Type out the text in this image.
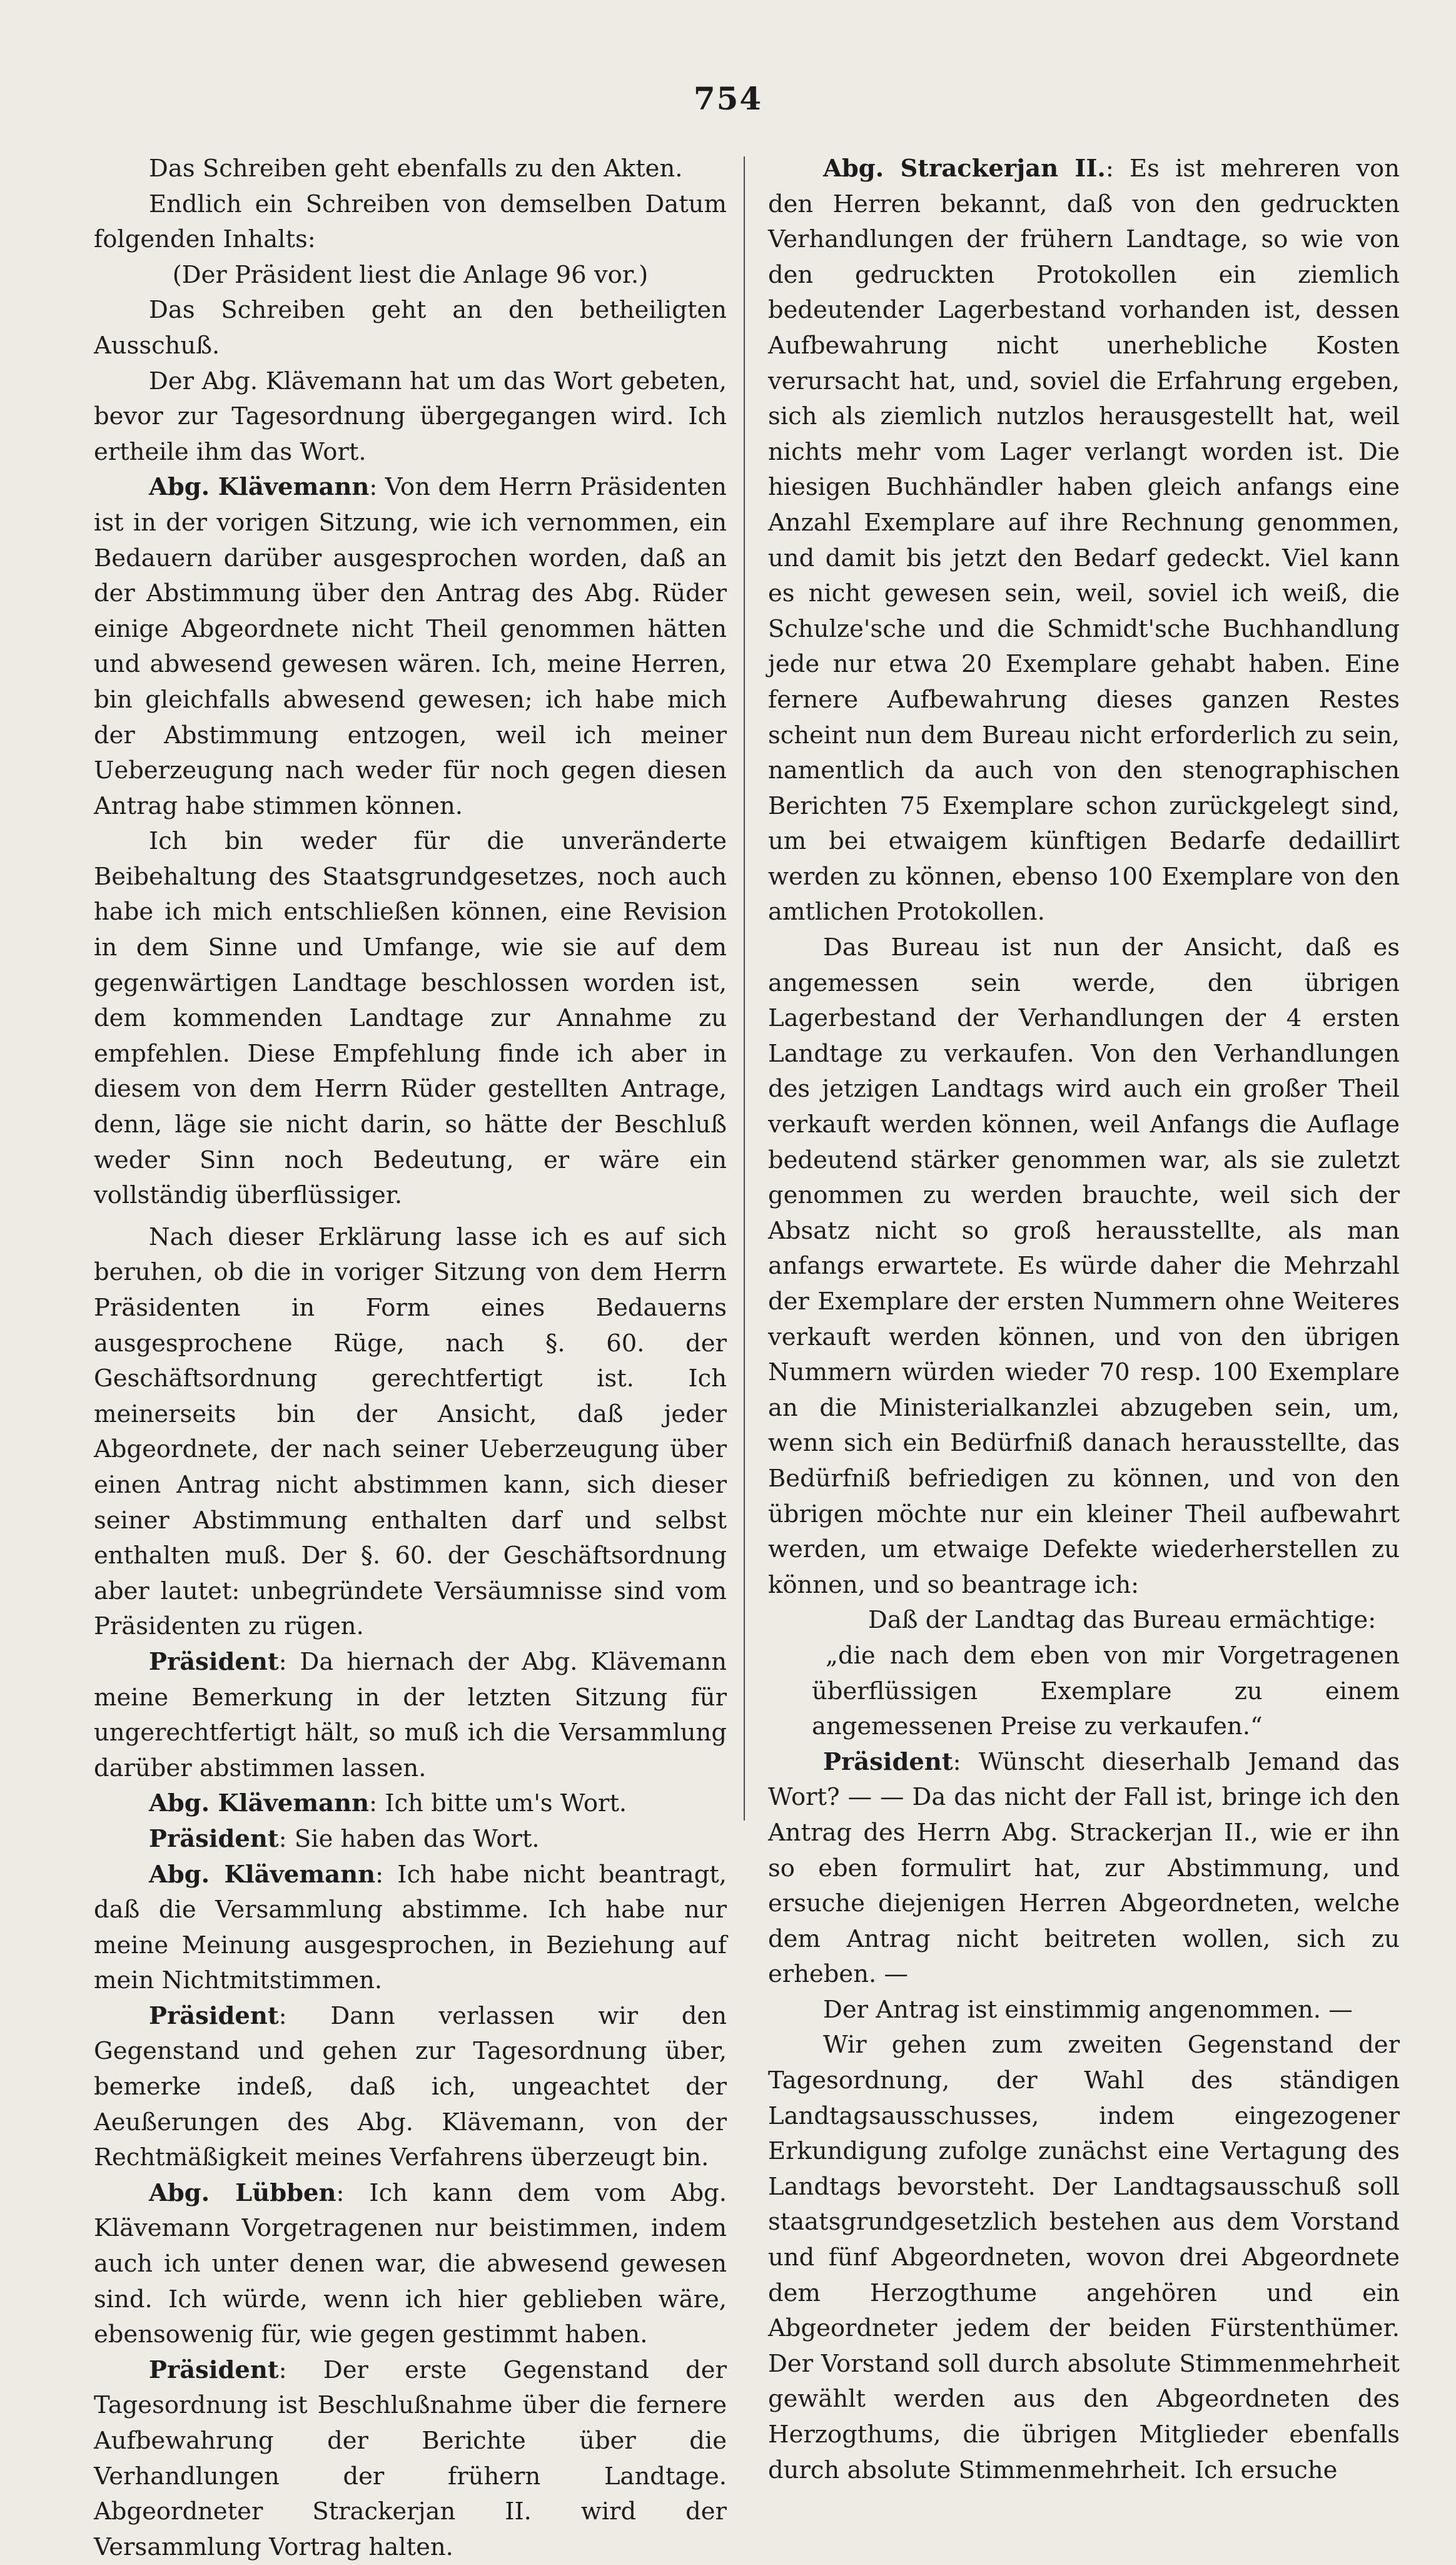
754

Das Schreiben geht ebenfalls zu den Akten.

Endlich ein Schreiben von demselben Datum folgenden Inhalts:

(Der Präsident liest die Anlage 96 vor.)

Das Schreiben geht an den betheiligten Ausschuß.

Der Abg. Klävemann hat um das Wort gebeten, bevor zur Tagesordnung übergegangen wird. Ich ertheile ihm das Wort.

Abg. Klävemann: Von dem Herrn Präsidenten ist in der vorigen Sitzung, wie ich vernommen, ein Bedauern darüber ausgesprochen worden, daß an der Abstimmung über den Antrag des Abg. Rüder einige Abgeordnete nicht Theil genommen hätten und abwesend gewesen wären. Ich, meine Herren, bin gleichfalls abwesend gewesen; ich habe mich der Abstimmung entzogen, weil ich meiner Ueberzeugung nach weder für noch gegen diesen Antrag habe stimmen können.

Ich bin weder für die unveränderte Beibehaltung des Staatsgrundgesetzes, noch auch habe ich mich entschließen können, eine Revision in dem Sinne und Umfange, wie sie auf dem gegenwärtigen Landtage beschlossen worden ist, dem kommenden Landtage zur Annahme zu empfehlen. Diese Empfehlung finde ich aber in diesem von dem Herrn Rüder gestellten Antrage, denn, läge sie nicht darin, so hätte der Beschluß weder Sinn noch Bedeutung, er wäre ein vollständig überflüssiger.

Nach dieser Erklärung lasse ich es auf sich beruhen, ob die in voriger Sitzung von dem Herrn Präsidenten in Form eines Bedauerns ausgesprochene Rüge, nach §. 60. der Geschäftsordnung gerechtfertigt ist. Ich meinerseits bin der Ansicht, daß jeder Abgeordnete, der nach seiner Ueberzeugung über einen Antrag nicht abstimmen kann, sich dieser seiner Abstimmung enthalten darf und selbst enthalten muß. Der §. 60. der Geschäftsordnung aber lautet: unbegründete Versäumnisse sind vom Präsidenten zu rügen.

Präsident: Da hiernach der Abg. Klävemann meine Bemerkung in der letzten Sitzung für ungerechtfertigt hält, so muß ich die Versammlung darüber abstimmen lassen.

Abg. Klävemann: Ich bitte um's Wort.

Präsident: Sie haben das Wort.

Abg. Klävemann: Ich habe nicht beantragt, daß die Versammlung abstimme. Ich habe nur meine Meinung ausgesprochen, in Beziehung auf mein Nichtmitstimmen.

Präsident: Dann verlassen wir den Gegenstand und gehen zur Tagesordnung über, bemerke indeß, daß ich, ungeachtet der Aeußerungen des Abg. Klävemann, von der Rechtmäßigkeit meines Verfahrens überzeugt bin.

Abg. Lübben: Ich kann dem vom Abg. Klävemann Vorgetragenen nur beistimmen, indem auch ich unter denen war, die abwesend gewesen sind. Ich würde, wenn ich hier geblieben wäre, ebensowenig für, wie gegen gestimmt haben.

Präsident: Der erste Gegenstand der Tagesordnung ist Beschlußnahme über die fernere Aufbewahrung der Berichte über die Verhandlungen der frühern Landtage. Abgeordneter Strackerjan II. wird der Versammlung Vortrag halten.

Abg. Strackerjan II.: Es ist mehreren von den Herren bekannt, daß von den gedruckten Verhandlungen der frühern Landtage, so wie von den gedruckten Protokollen ein ziemlich bedeutender Lagerbestand vorhanden ist, dessen Aufbewahrung nicht unerhebliche Kosten verursacht hat, und, soviel die Erfahrung ergeben, sich als ziemlich nutzlos herausgestellt hat, weil nichts mehr vom Lager verlangt worden ist. Die hiesigen Buchhändler haben gleich anfangs eine Anzahl Exemplare auf ihre Rechnung genommen, und damit bis jetzt den Bedarf gedeckt. Viel kann es nicht gewesen sein, weil, soviel ich weiß, die Schulze'sche und die Schmidt'sche Buchhandlung jede nur etwa 20 Exemplare gehabt haben. Eine fernere Aufbewahrung dieses ganzen Restes scheint nun dem Bureau nicht erforderlich zu sein, namentlich da auch von den stenographischen Berichten 75 Exemplare schon zurückgelegt sind, um bei etwaigem künftigen Bedarfe dedaillirt werden zu können, ebenso 100 Exemplare von den amtlichen Protokollen.

Das Bureau ist nun der Ansicht, daß es angemessen sein werde, den übrigen Lagerbestand der Verhandlungen der 4 ersten Landtage zu verkaufen. Von den Verhandlungen des jetzigen Landtags wird auch ein großer Theil verkauft werden können, weil Anfangs die Auflage bedeutend stärker genommen war, als sie zuletzt genommen zu werden brauchte, weil sich der Absatz nicht so groß herausstellte, als man anfangs erwartete. Es würde daher die Mehrzahl der Exemplare der ersten Nummern ohne Weiteres verkauft werden können, und von den übrigen Nummern würden wieder 70 resp. 100 Exemplare an die Ministerialkanzlei abzugeben sein, um, wenn sich ein Bedürfniß danach herausstellte, das Bedürfniß befriedigen zu können, und von den übrigen möchte nur ein kleiner Theil aufbewahrt werden, um etwaige Defekte wiederherstellen zu können, und so beantrage ich:

Daß der Landtag das Bureau ermächtige:

„die nach dem eben von mir Vorgetragenen überflüssigen Exemplare zu einem angemessenen Preise zu verkaufen.“

Präsident: Wünscht dieserhalb Jemand das Wort? — — Da das nicht der Fall ist, bringe ich den Antrag des Herrn Abg. Strackerjan II., wie er ihn so eben formulirt hat, zur Abstimmung, und ersuche diejenigen Herren Abgeordneten, welche dem Antrag nicht beitreten wollen, sich zu erheben. —

Der Antrag ist einstimmig angenommen. —

Wir gehen zum zweiten Gegenstand der Tagesordnung, der Wahl des ständigen Landtagsausschusses, indem eingezogener Erkundigung zufolge zunächst eine Vertagung des Landtags bevorsteht. Der Landtagsausschuß soll staatsgrundgesetzlich bestehen aus dem Vorstand und fünf Abgeordneten, wovon drei Abgeordnete dem Herzogthume angehören und ein Abgeordneter jedem der beiden Fürstenthümer. Der Vorstand soll durch absolute Stimmenmehrheit gewählt werden aus den Abgeordneten des Herzogthums, die übrigen Mitglieder ebenfalls durch absolute Stimmenmehrheit. Ich ersuche
